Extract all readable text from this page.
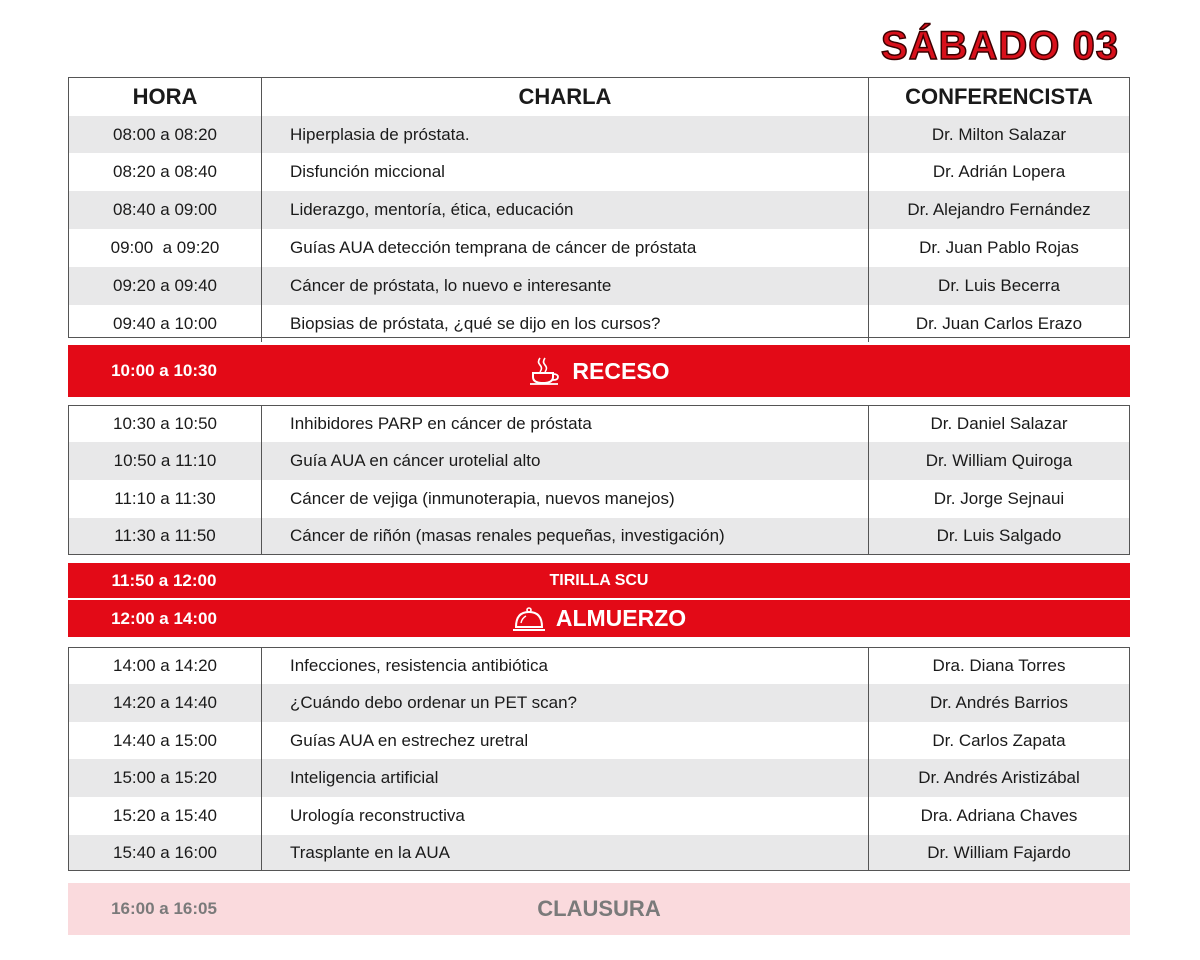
SÁBADO 03
HORA	CHARLA	CONFERENCISTA
08:00 a 08:20	Hiperplasia de próstata.	Dr. Milton Salazar
08:20 a 08:40	Disfunción miccional	Dr. Adrián Lopera
08:40 a 09:00	Liderazgo, mentoría, ética, educación	Dr. Alejandro Fernández
09:00  a 09:20	Guías AUA detección temprana de cáncer de próstata	Dr. Juan Pablo Rojas
09:20 a 09:40	Cáncer de próstata, lo nuevo e interesante	Dr. Luis Becerra
09:40 a 10:00	Biopsias de próstata, ¿qué se dijo en los cursos?	Dr. Juan Carlos Erazo
10:00 a 10:30	RECESO
10:30 a 10:50	Inhibidores PARP en cáncer de próstata	Dr. Daniel Salazar
10:50 a 11:10	Guía AUA en cáncer urotelial alto	Dr. William Quiroga
11:10 a 11:30	Cáncer de vejiga (inmunoterapia, nuevos manejos)	Dr. Jorge Sejnaui
11:30 a 11:50	Cáncer de riñón (masas renales pequeñas, investigación)	Dr. Luis Salgado
11:50 a 12:00	TIRILLA SCU
12:00 a 14:00	ALMUERZO
14:00 a 14:20	Infecciones, resistencia antibiótica	Dra. Diana Torres
14:20 a 14:40	¿Cuándo debo ordenar un PET scan?	Dr. Andrés Barrios
14:40 a 15:00	Guías AUA en estrechez uretral	Dr. Carlos Zapata
15:00 a 15:20	Inteligencia artificial	Dr. Andrés Aristizábal
15:20 a 15:40	Urología reconstructiva	Dra. Adriana Chaves
15:40 a 16:00	Trasplante en la AUA	Dr. William Fajardo
16:00 a 16:05	CLAUSURA
